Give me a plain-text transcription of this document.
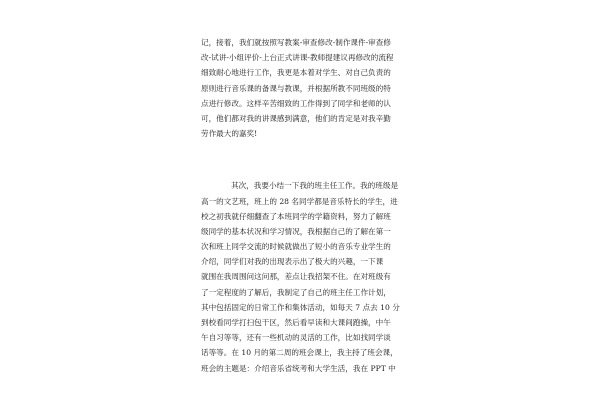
记，接着，我们就按照写教案-审查修改-制作课件-审查修
改-试讲-小组评价-上台正式讲课-教师提建议再修改的流程
细致耐心地进行工作，我更是本着对学生、对自己负责的
原则进行音乐课的备课与教课，并根据所教不同班级的特
点进行修改。这样辛苦细致的工作得到了同学和老师的认
可，他们都对我的讲课感到满意，他们的肯定是对我辛勤
劳作最大的嘉奖!

其次，我要小结一下我的班主任工作。我的班级是
高一的文艺班，班上的 28 名同学都是音乐特长的学生，进
校之初我就仔细翻查了本班同学的学籍资料，努力了解班
级同学的基本状况和学习情况，我根据自己的了解在第一
次和班上同学交流的时候就做出了短小的音乐专业学生的
介绍，同学们对我的出现表示出了极大的兴趣，一下课
就围在我周围问这问那，差点让我招架不住。在对班级有
了一定程度的了解后，我制定了自己的班主任工作计划，
其中包括固定的日常工作和集体活动，如每天 7 点去 10 分
到校看同学打扫包干区，然后看早读和大课间跑操，中午
午自习等等，还有一些机动的灵活的工作，比如找同学谈
话等等。在 10 月的第二周的班会课上，我主持了班会课，
班会的主题是：介绍音乐省统考和大学生活，我在 PPT 中
